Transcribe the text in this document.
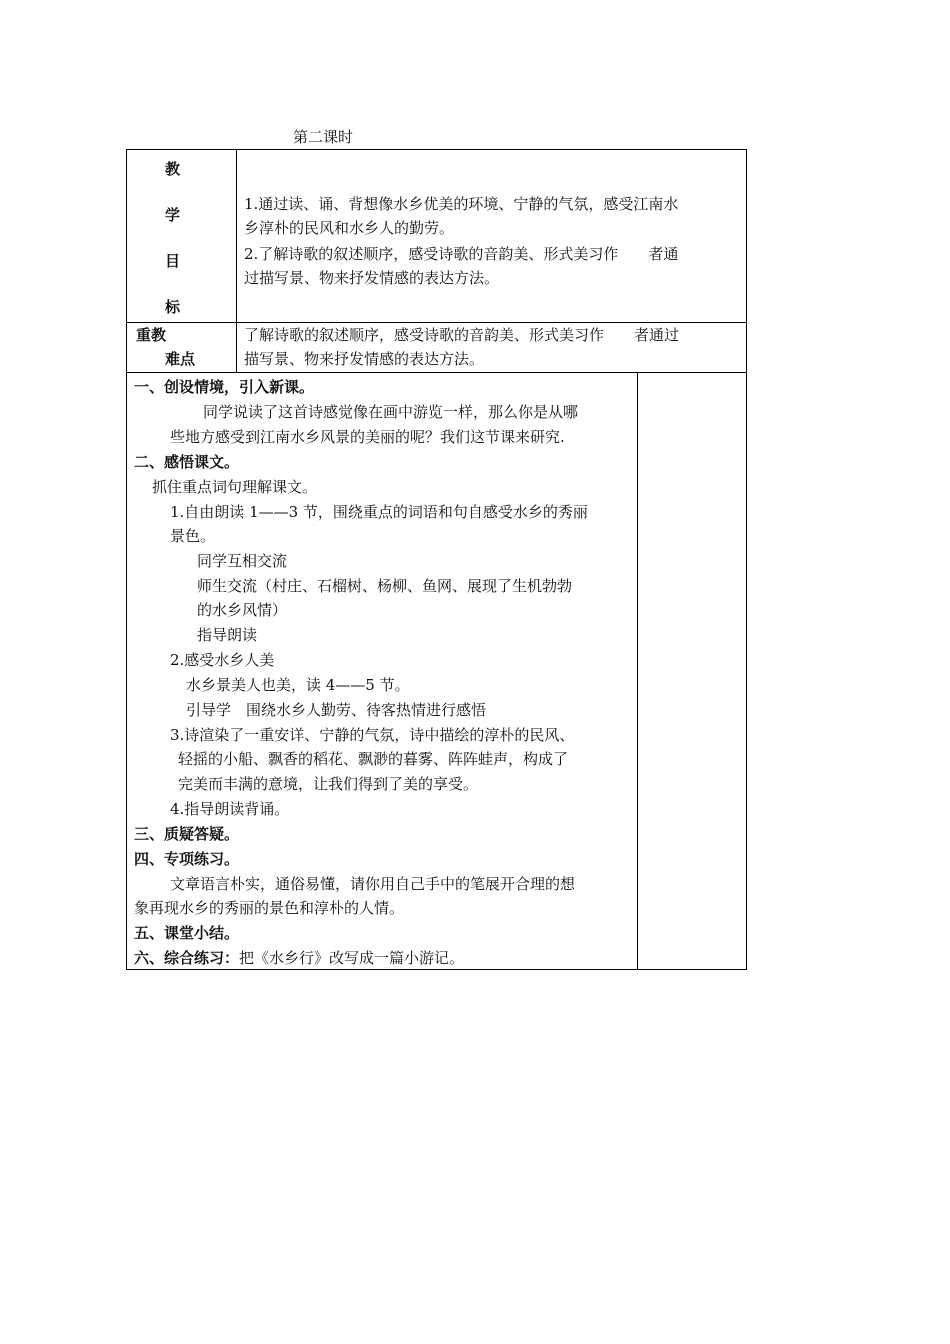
第二课时
教
学
目
标
1.通过读、诵、背想像水乡优美的环境、宁静的气氛，感受江南水
乡淳朴的民风和水乡人的勤劳。
2.了解诗歌的叙述顺序，感受诗歌的音韵美、形式美习作　　者通
过描写景、物来抒发情感的表达方法。
重教
难点
了解诗歌的叙述顺序，感受诗歌的音韵美、形式美习作　　者通过
描写景、物来抒发情感的表达方法。
一、创设情境，引入新课。
同学说读了这首诗感觉像在画中游览一样，那么你是从哪
些地方感受到江南水乡风景的美丽的呢？我们这节课来研究.
二、感悟课文。
抓住重点词句理解课文。
1.自由朗读 1——3 节，围绕重点的词语和句自感受水乡的秀丽
景色。
同学互相交流
师生交流（村庄、石榴树、杨柳、鱼网、展现了生机勃勃
的水乡风情）
指导朗读
2.感受水乡人美
水乡景美人也美，读 4——5 节。
引导学　围绕水乡人勤劳、待客热情进行感悟
3.诗渲染了一重安详、宁静的气氛，诗中描绘的淳朴的民风、
轻摇的小船、飘香的稻花、飘渺的暮雾、阵阵蛙声，构成了
完美而丰满的意境，让我们得到了美的享受。
4.指导朗读背诵。
三、质疑答疑。
四、专项练习。
文章语言朴实，通俗易懂，请你用自己手中的笔展开合理的想
象再现水乡的秀丽的景色和淳朴的人情。
五、课堂小结。
六、综合练习：把《水乡行》改写成一篇小游记。
